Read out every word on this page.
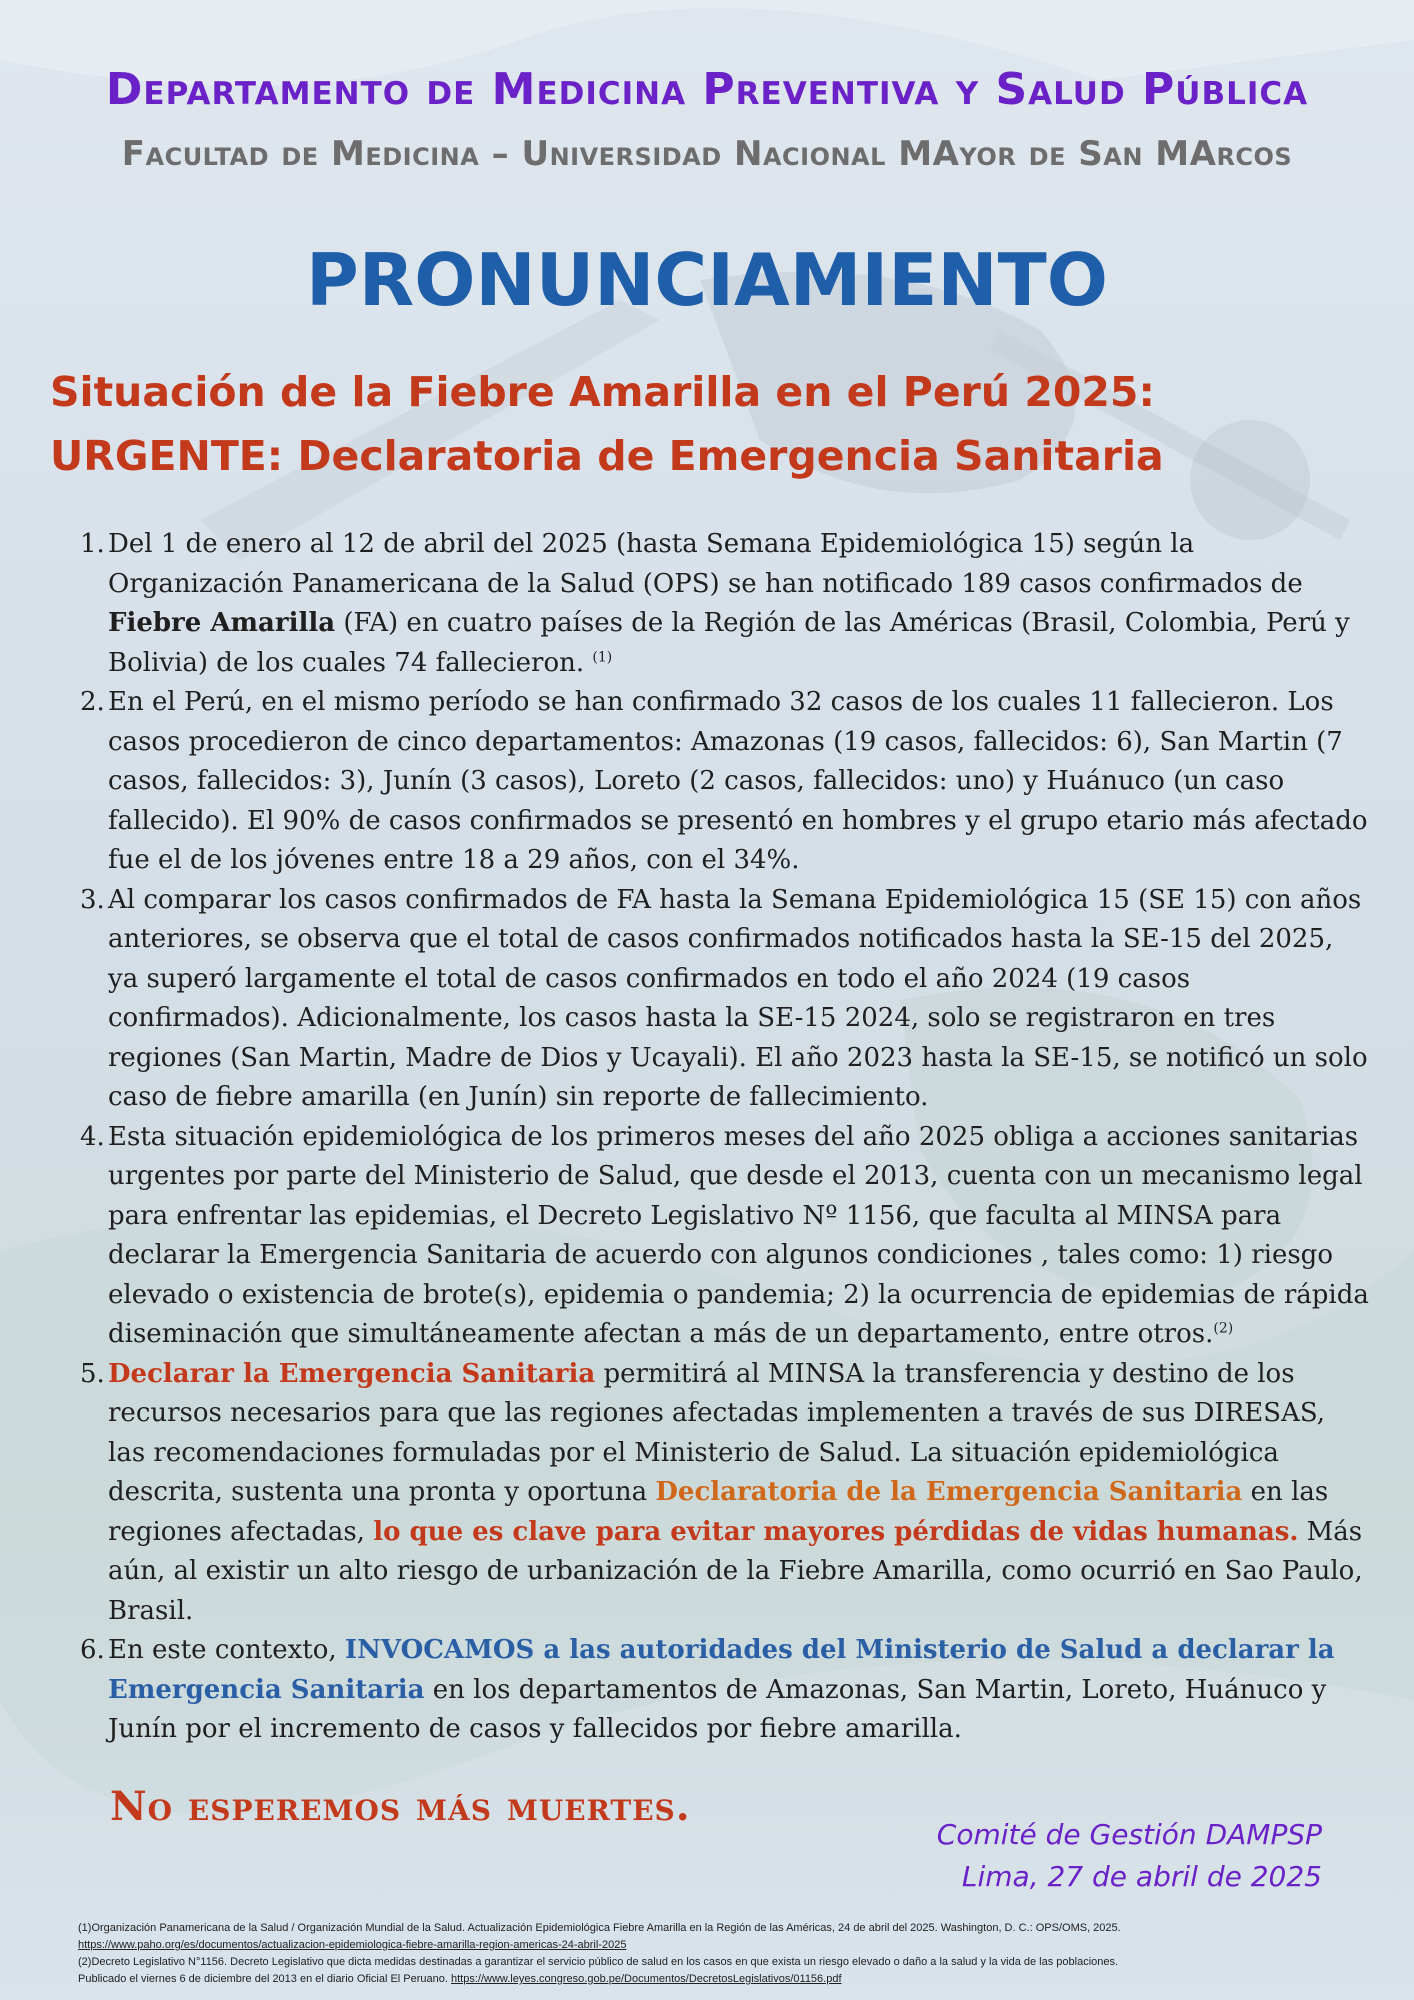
Departamento de Medicina Preventiva y Salud Pública
Facultad de Medicina – Universidad Nacional MAyor de San MArcos
PRONUNCIAMIENTO
Situación de la Fiebre Amarilla en el Perú 2025:
URGENTE: Declaratoria de Emergencia Sanitaria
1. Del 1 de enero al 12 de abril del 2025 (hasta Semana Epidemiológica 15) según la Organización Panamericana de la Salud (OPS) se han notificado 189 casos confirmados de Fiebre Amarilla (FA) en cuatro países de la Región de las Américas (Brasil, Colombia, Perú y Bolivia) de los cuales 74 fallecieron. $^{(1)}$
2. En el Perú, en el mismo período se han confirmado 32 casos de los cuales 11 fallecieron. Los casos procedieron de cinco departamentos: Amazonas (19 casos, fallecidos: 6), San Martin (7 casos, fallecidos: 3), Junín (3 casos), Loreto (2 casos, fallecidos: uno) y Huánuco (un caso fallecido). El 90% de casos confirmados se presentó en hombres y el grupo etario más afectado fue el de los jóvenes entre 18 a 29 años, con el 34%.
3. Al comparar los casos confirmados de FA hasta la Semana Epidemiológica 15 (SE 15) con años anteriores, se observa que el total de casos confirmados notificados hasta la SE-15 del 2025, ya superó largamente el total de casos confirmados en todo el año 2024 (19 casos confirmados). Adicionalmente, los casos hasta la SE-15 2024, solo se registraron en tres regiones (San Martin, Madre de Dios y Ucayali). El año 2023 hasta la SE-15, se notificó un solo caso de fiebre amarilla (en Junín) sin reporte de fallecimiento.
4. Esta situación epidemiológica de los primeros meses del año 2025 obliga a acciones sanitarias urgentes por parte del Ministerio de Salud, que desde el 2013, cuenta con un mecanismo legal para enfrentar las epidemias, el Decreto Legislativo Nº 1156, que faculta al MINSA para declarar la Emergencia Sanitaria de acuerdo con algunos condiciones , tales como: 1) riesgo elevado o existencia de brote(s), epidemia o pandemia; 2) la ocurrencia de epidemias de rápida diseminación que simultáneamente afectan a más de un departamento, entre otros.$^{(2)}$
5. Declarar la Emergencia Sanitaria permitirá al MINSA la transferencia y destino de los recursos necesarios para que las regiones afectadas implementen a través de sus DIRESAS, las recomendaciones formuladas por el Ministerio de Salud. La situación epidemiológica descrita, sustenta una pronta y oportuna Declaratoria de la Emergencia Sanitaria en las regiones afectadas, lo que es clave para evitar mayores pérdidas de vidas humanas. Más aún, al existir un alto riesgo de urbanización de la Fiebre Amarilla, como ocurrió en Sao Paulo, Brasil.
6. En este contexto, INVOCAMOS a las autoridades del Ministerio de Salud a declarar la Emergencia Sanitaria en los departamentos de Amazonas, San Martin, Loreto, Huánuco y Junín por el incremento de casos y fallecidos por fiebre amarilla.
No esperemos más muertes.
Comité de Gestión DAMPSP
Lima, 27 de abril de 2025
(1)Organización Panamericana de la Salud / Organización Mundial de la Salud. Actualización Epidemiológica Fiebre Amarilla en la Región de las Américas, 24 de abril del 2025. Washington, D. C.: OPS/OMS, 2025.
https://www.paho.org/es/documentos/actualizacion-epidemiologica-fiebre-amarilla-region-americas-24-abril-2025
(2)Decreto Legislativo N°1156. Decreto Legislativo que dicta medidas destinadas a garantizar el servicio público de salud en los casos en que exista un riesgo elevado o daño a la salud y la vida de las poblaciones.
Publicado el viernes 6 de diciembre del 2013 en el diario Oficial El Peruano. https://www.leyes.congreso.gob.pe/Documentos/DecretosLegislativos/01156.pdf
